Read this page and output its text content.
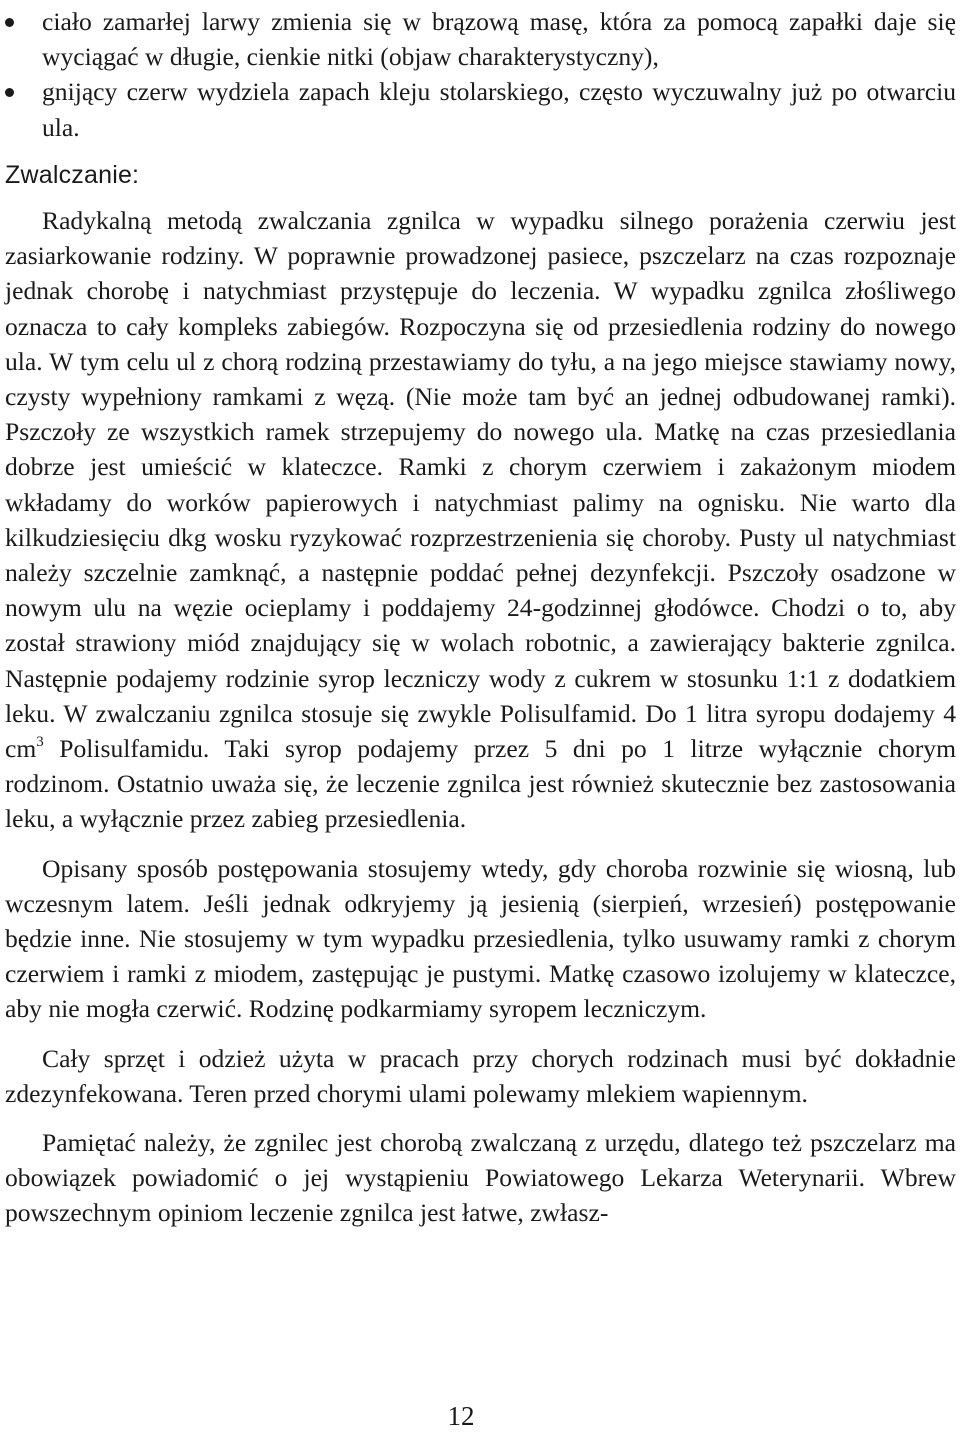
ciało zamarłej larwy zmienia się w brązową masę, która za pomocą zapałki daje się wyciągać w długie, cienkie nitki (objaw charakterystyczny),
gnijący czerw wydziela zapach kleju stolarskiego, często wyczuwalny już po otwarciu ula.
Zwalczanie:

Radykalną metodą zwalczania zgnilca w wypadku silnego porażenia czerwiu jest zasiarkowanie rodziny. W poprawnie prowadzonej pasiece, pszczelarz na czas rozpoznaje jednak chorobę i natychmiast przystępuje do leczenia. W wypadku zgnilca złośliwego oznacza to cały kompleks zabiegów. Rozpoczyna się od przesiedlenia rodziny do nowego ula. W tym celu ul z chorą rodziną przestawiamy do tyłu, a na jego miejsce stawiamy nowy, czysty wypełniony ramkami z węzą. (Nie może tam być an jednej odbudowanej ramki). Pszczoły ze wszystkich ramek strzepujemy do nowego ula. Matkę na czas przesiedlania dobrze jest umieścić w klateczce. Ramki z chorym czerwiem i zakażonym miodem wkładamy do worków papierowych i natychmiast palimy na ognisku. Nie warto dla kilkudziesięciu dkg wosku ryzykować rozprzestrzenienia się choroby. Pusty ul natychmiast należy szczelnie zamknąć, a następnie poddać pełnej dezynfekcji. Pszczoły osadzone w nowym ulu na węzie ocieplamy i poddajemy 24-godzinnej głodówce. Chodzi o to, aby został strawiony miód znajdujący się w wolach robotnic, a zawierający bakterie zgnilca. Następnie podajemy rodzinie syrop leczniczy wody z cukrem w stosunku 1:1 z dodatkiem leku. W zwalczaniu zgnilca stosuje się zwykle Polisulfamid. Do 1 litra syropu dodajemy 4 $cm^3$ Polisulfamidu. Taki syrop podajemy przez 5 dni po 1 litrze wyłącznie chorym rodzinom. Ostatnio uważa się, że leczenie zgnilca jest również skutecznie bez zastosowania leku, a wyłącznie przez zabieg przesiedlenia.

Opisany sposób postępowania stosujemy wtedy, gdy choroba rozwinie się wiosną, lub wczesnym latem. Jeśli jednak odkryjemy ją jesienią (sierpień, wrzesień) postępowanie będzie inne. Nie stosujemy w tym wypadku przesiedlenia, tylko usuwamy ramki z chorym czerwiem i ramki z miodem, zastępując je pustymi. Matkę czasowo izolujemy w klateczce, aby nie mogła czerwić. Rodzinę podkarmiamy syropem leczniczym.

Cały sprzęt i odzież użyta w pracach przy chorych rodzinach musi być dokładnie zdezynfekowana. Teren przed chorymi ulami polewamy mlekiem wapiennym.

Pamiętać należy, że zgnilec jest chorobą zwalczaną z urzędu, dlatego też pszczelarz ma obowiązek powiadomić o jej wystąpieniu Powiatowego Lekarza Weterynarii. Wbrew powszechnym opiniom leczenie zgnilca jest łatwe, zwłasz-

12
